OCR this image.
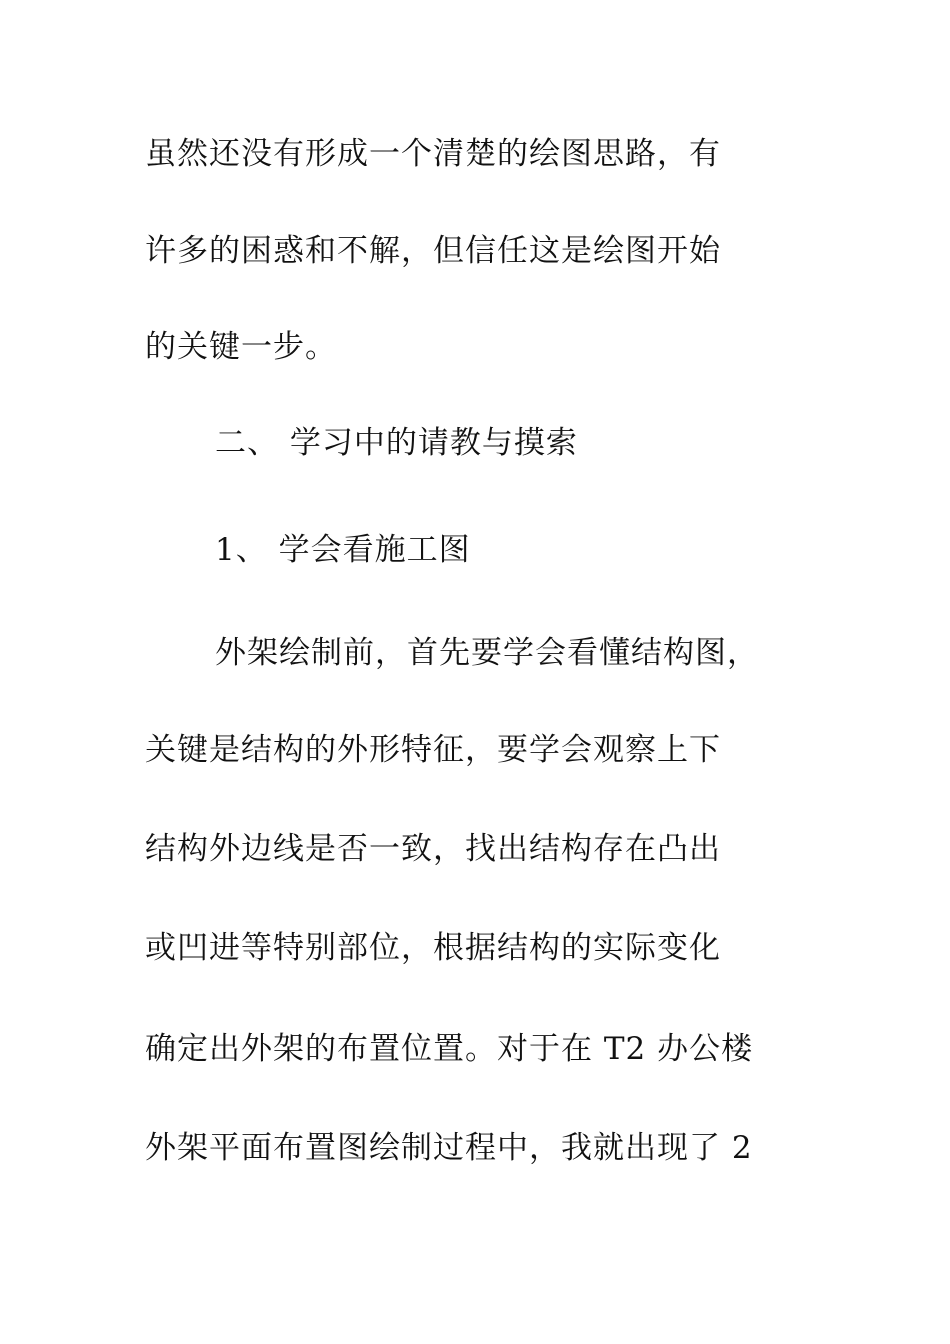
虽然还没有形成一个清楚的绘图思路，有
许多的困惑和不解，但信任这是绘图开始
的关键一步。
二、 学习中的请教与摸索
1、 学会看施工图
外架绘制前，首先要学会看懂结构图，
关键是结构的外形特征，要学会观察上下
结构外边线是否一致，找出结构存在凸出
或凹进等特别部位，根据结构的实际变化
确定出外架的布置位置。对于在 T2 办公楼
外架平面布置图绘制过程中，我就出现了 2
